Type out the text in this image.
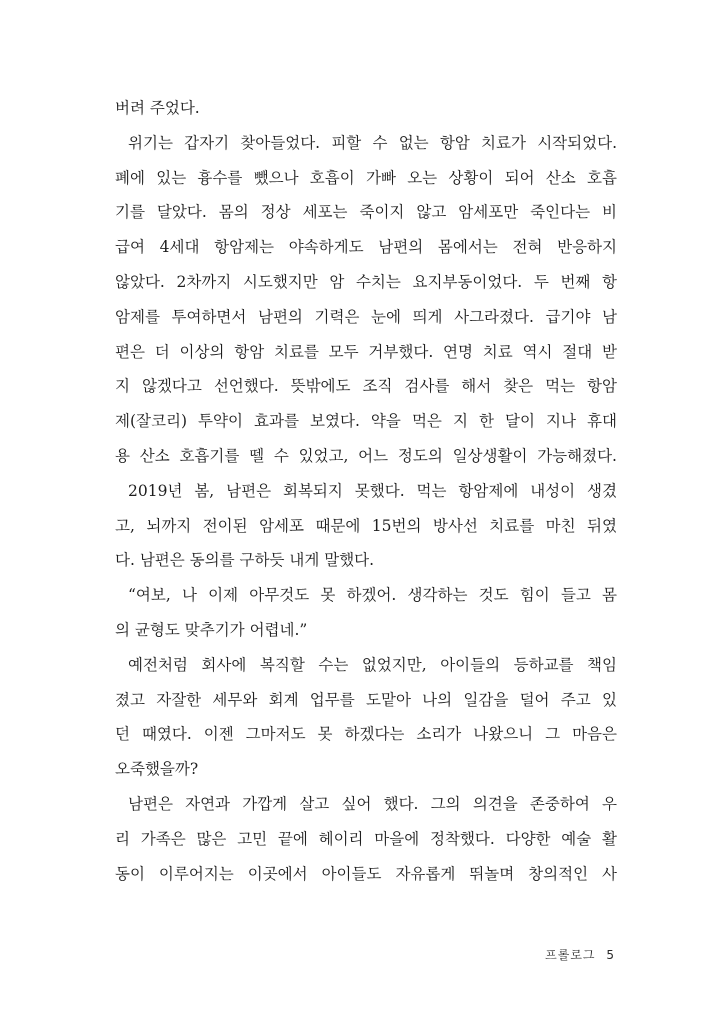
버려 주었다.
위기는 갑자기 찾아들었다. 피할 수 없는 항암 치료가 시작되었다.
폐에 있는 흉수를 뺐으나 호흡이 가빠 오는 상황이 되어 산소 호흡
기를 달았다. 몸의 정상 세포는 죽이지 않고 암세포만 죽인다는 비
급여 4세대 항암제는 야속하게도 남편의 몸에서는 전혀 반응하지
않았다. 2차까지 시도했지만 암 수치는 요지부동이었다. 두 번째 항
암제를 투여하면서 남편의 기력은 눈에 띄게 사그라졌다. 급기야 남
편은 더 이상의 항암 치료를 모두 거부했다. 연명 치료 역시 절대 받
지 않겠다고 선언했다. 뜻밖에도 조직 검사를 해서 찾은 먹는 항암
제(잘코리) 투약이 효과를 보였다. 약을 먹은 지 한 달이 지나 휴대
용 산소 호흡기를 뗄 수 있었고, 어느 정도의 일상생활이 가능해졌다.
2019년 봄, 남편은 회복되지 못했다. 먹는 항암제에 내성이 생겼
고, 뇌까지 전이된 암세포 때문에 15번의 방사선 치료를 마친 뒤였
다. 남편은 동의를 구하듯 내게 말했다.
“여보, 나 이제 아무것도 못 하겠어. 생각하는 것도 힘이 들고 몸
의 균형도 맞추기가 어렵네.”
예전처럼 회사에 복직할 수는 없었지만, 아이들의 등하교를 책임
졌고 자잘한 세무와 회계 업무를 도맡아 나의 일감을 덜어 주고 있
던 때였다. 이젠 그마저도 못 하겠다는 소리가 나왔으니 그 마음은
오죽했을까?
남편은 자연과 가깝게 살고 싶어 했다. 그의 의견을 존중하여 우
리 가족은 많은 고민 끝에 헤이리 마을에 정착했다. 다양한 예술 활
동이 이루어지는 이곳에서 아이들도 자유롭게 뛰놀며 창의적인 사
프롤로그 5
